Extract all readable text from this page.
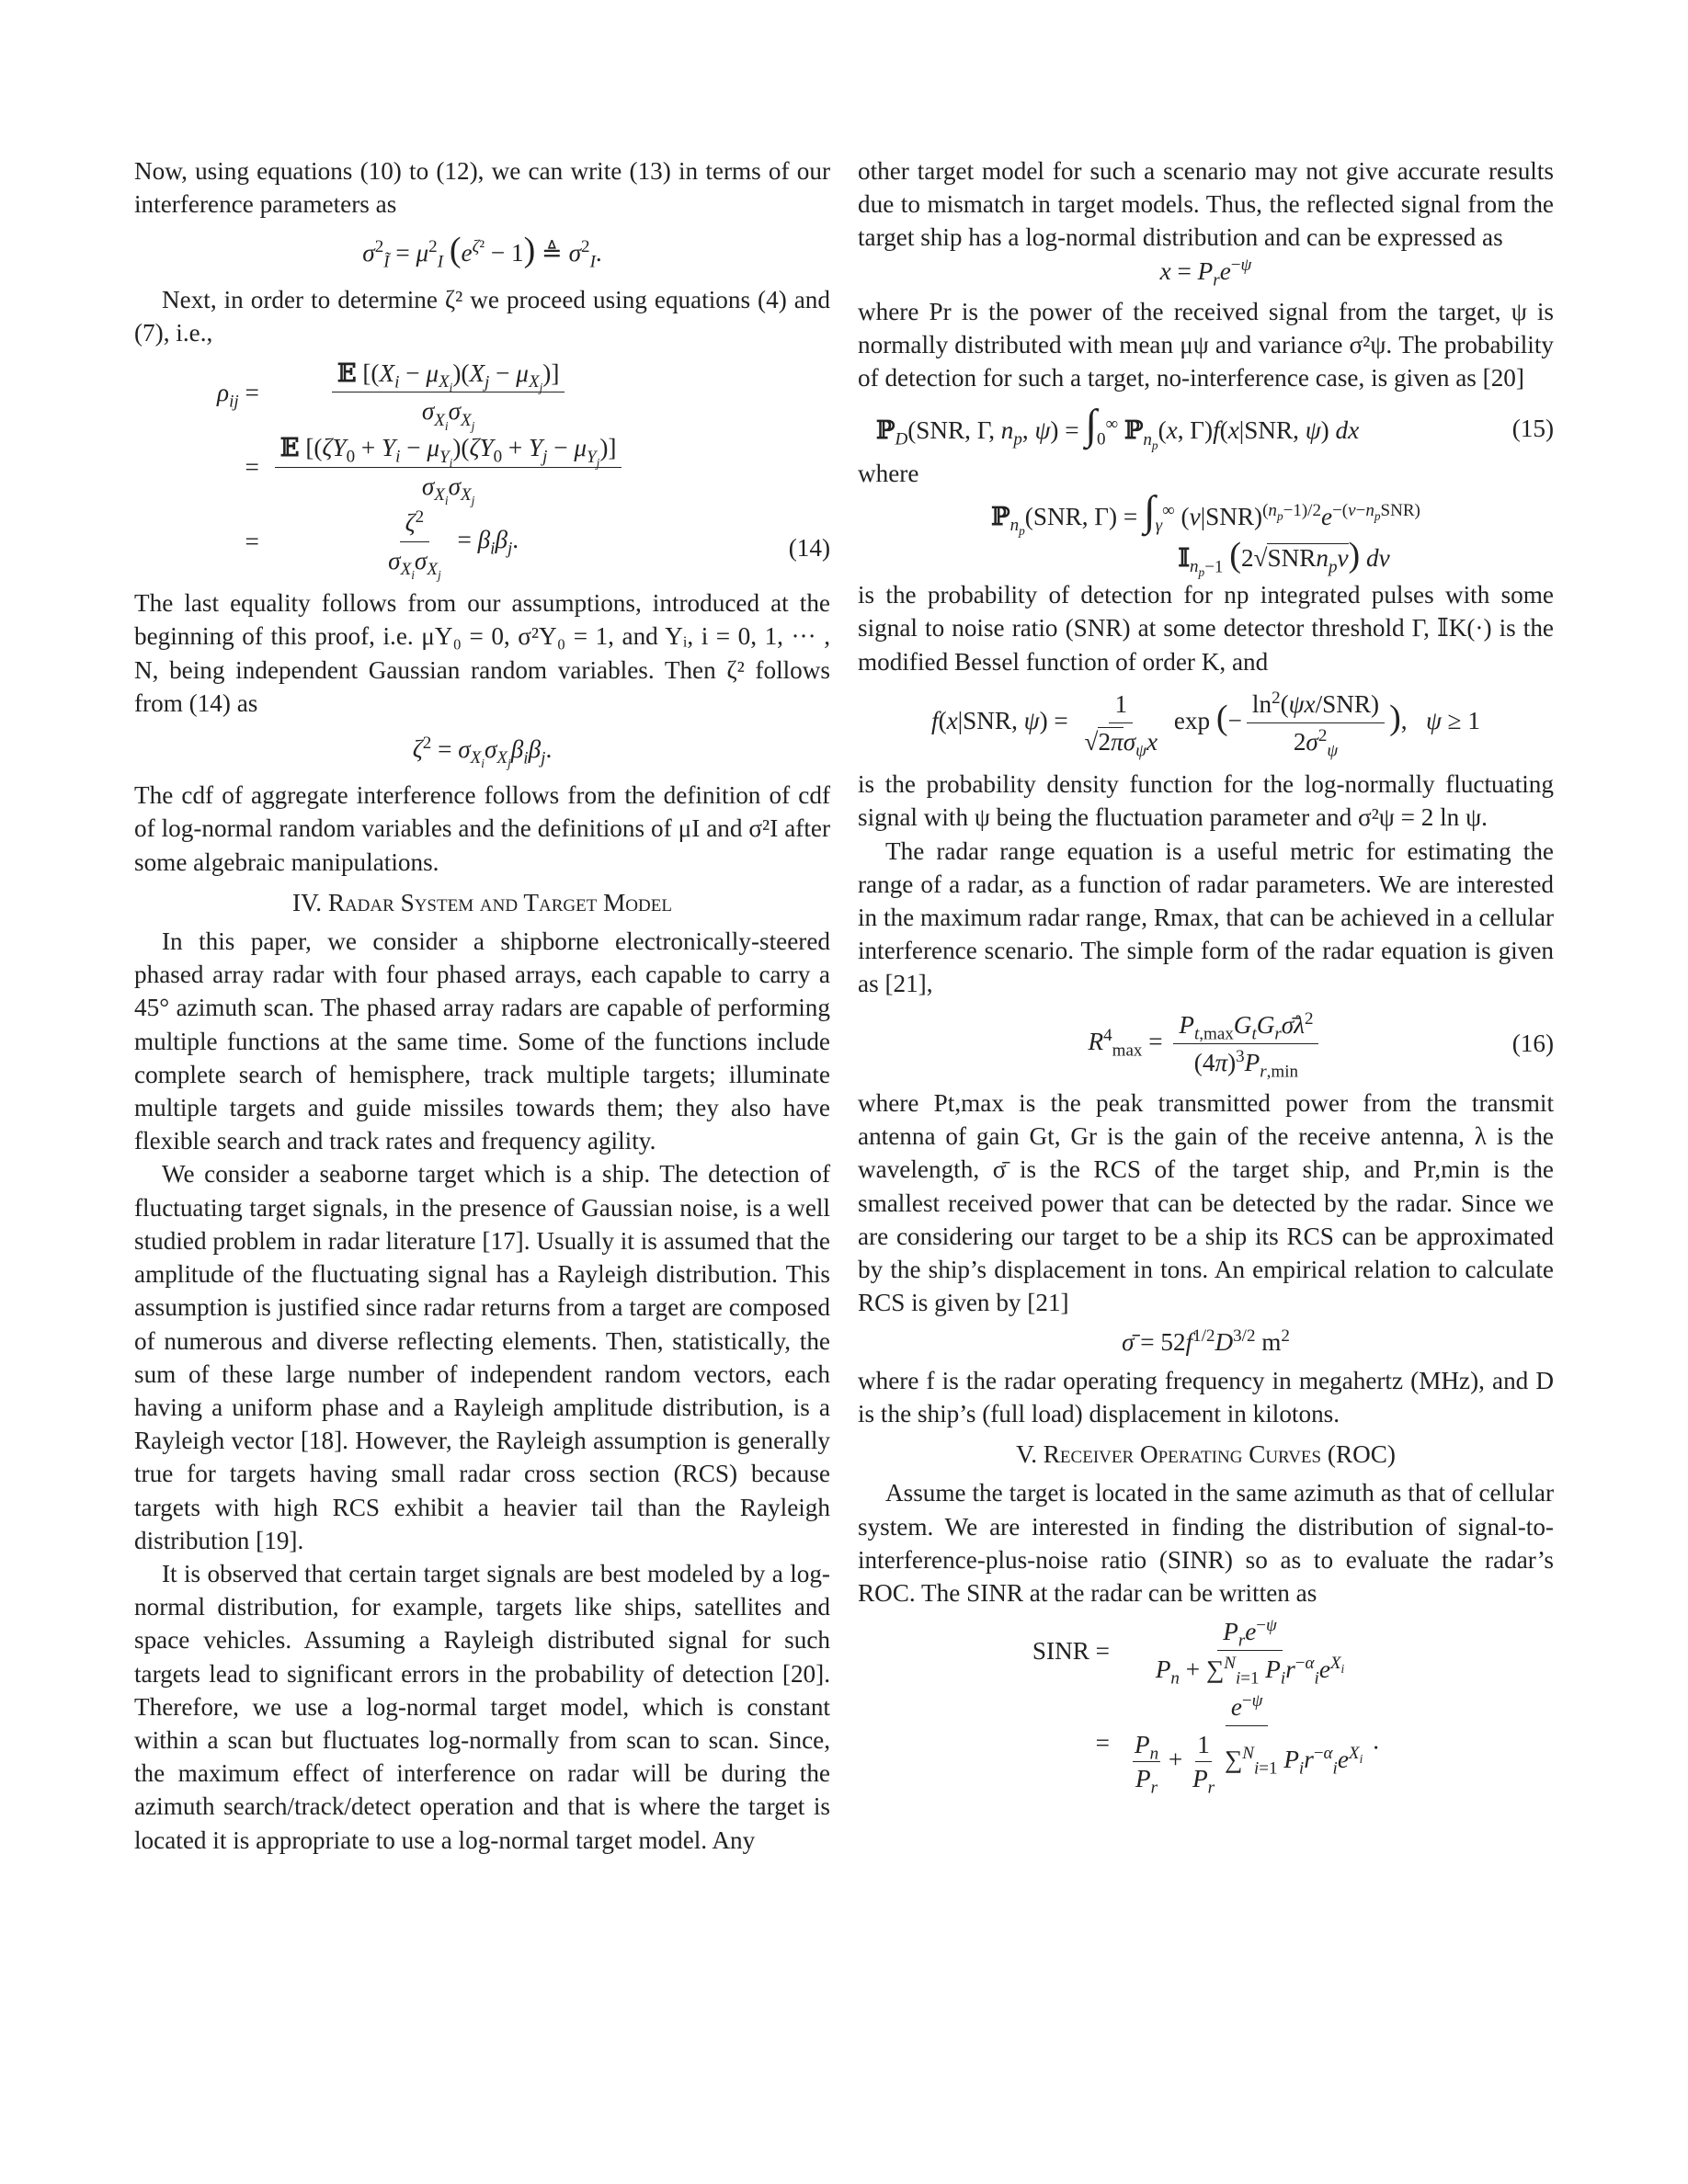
Now, using equations (10) to (12), we can write (13) in terms of our interference parameters as

$\sigma^2_Ĩ = \mu^2_I$ $(e^{\zeta^2} - 1)$ ≜ $\sigma^2_I$.

Next, in order to determine ζ² we proceed using equations (4) and (7), i.e.,

$\rho_{ij} = \frac{𝔼 [(X_i - \mu_{X_i})(X_j - \mu_{X_j})]}{\sigma_{X_i}\sigma_{X_j}}$
= $\frac{𝔼 [(\zeta Y_0 + Y_i - \mu_{Y_i})(\zeta Y_0 + Y_j - \mu_{Y_j})]}{\sigma_{X_i}\sigma_{X_j}}$
=	$\frac{\zeta^2}{\sigma_{X_i}\sigma_{X_j}} = \beta_i\beta_j$.	(14)

The last equality follows from our assumptions, introduced at the beginning of this proof, i.e. μY₀ = 0, σ²Y₀ = 1, and Yᵢ, i = 0, 1, ··· , N, being independent Gaussian random variables. Then ζ² follows from (14) as

$\zeta^2 = \sigma_{X_i}\sigma_{X_j}\beta_i\beta_j$.

The cdf of aggregate interference follows from the definition of cdf of log-normal random variables and the definitions of μI and σ²I after some algebraic manipulations.

IV. Radar System and Target Model

In this paper, we consider a shipborne electronically-steered phased array radar with four phased arrays, each capable to carry a 45° azimuth scan. The phased array radars are capable of performing multiple functions at the same time. Some of the functions include complete search of hemisphere, track multiple targets; illuminate multiple targets and guide missiles towards them; they also have flexible search and track rates and frequency agility.

We consider a seaborne target which is a ship. The detection of fluctuating target signals, in the presence of Gaussian noise, is a well studied problem in radar literature [17]. Usually it is assumed that the amplitude of the fluctuating signal has a Rayleigh distribution. This assumption is justified since radar returns from a target are composed of numerous and diverse reflecting elements. Then, statistically, the sum of these large number of independent random vectors, each having a uniform phase and a Rayleigh amplitude distribution, is a Rayleigh vector [18]. However, the Rayleigh assumption is generally true for targets having small radar cross section (RCS) because targets with high RCS exhibit a heavier tail than the Rayleigh distribution [19].

It is observed that certain target signals are best modeled by a log-normal distribution, for example, targets like ships, satellites and space vehicles. Assuming a Rayleigh distributed signal for such targets lead to significant errors in the probability of detection [20]. Therefore, we use a log-normal target model, which is constant within a scan but fluctuates log-normally from scan to scan. Since, the maximum effect of interference on radar will be during the azimuth search/track/detect operation and that is where the target is located it is appropriate to use a log-normal target model. Any

other target model for such a scenario may not give accurate results due to mismatch in target models. Thus, the reflected signal from the target ship has a log-normal distribution and can be expressed as

$x = P_re^{-\psi}$

where Pr is the power of the received signal from the target, ψ is normally distributed with mean μψ and variance σ²ψ. The probability of detection for such a target, no-interference case, is given as [20]

ℙ$_D$(SNR, Γ, $n_p$, $\psi) = \int_0^\infty$ ℙ$_{n_p}$(x, Γ)f(x|SNR, ψ) dx	(15)

where

ℙ$_{n_p}$(SNR, $\Gamma) = \int_\gamma^\infty$ $(v|SNR)^{(n_p-1)/2}e^{-(v-n_pSNR)}$
𝕀$_{n_p-1}$ (2√SNRn$_p$v) dv

is the probability of detection for np integrated pulses with some signal to noise ratio (SNR) at some detector threshold Γ, 𝕀K(·) is the modified Bessel function of order K, and

f(x|SNR, $\psi) = \frac{1}{√2\pi\sigma_\psi x}$ exp (− $\frac{\ln^2(\psi x/SNR)}{2\sigma^2_\psi}$ ),   ψ ≥ 1

is the probability density function for the log-normally fluctuating signal with ψ being the fluctuation parameter and σ²ψ = 2 ln ψ.

The radar range equation is a useful metric for estimating the range of a radar, as a function of radar parameters. We are interested in the maximum radar range, Rmax, that can be achieved in a cellular interference scenario. The simple form of the radar equation is given as [21],

$R^4_{max} = \frac{P_{t,max}G_tG_r\sigmā\lambda^2}{(4\pi)^3P_{r,min}}$	(16)

where Pt,max is the peak transmitted power from the transmit antenna of gain Gt, Gr is the gain of the receive antenna, λ is the wavelength, σ̄ is the RCS of the target ship, and Pr,min is the smallest received power that can be detected by the radar. Since we are considering our target to be a ship its RCS can be approximated by the ship’s displacement in tons. An empirical relation to calculate RCS is given by [21]

σ̄ = $52f^{1/2}D^{3/2}$ $m^2$

where f is the radar operating frequency in megahertz (MHz), and D is the ship’s (full load) displacement in kilotons.

V. Receiver Operating Curves (ROC)

Assume the target is located in the same azimuth as that of cellular system. We are interested in finding the distribution of signal-to-interference-plus-noise ratio (SINR) so as to evaluate the radar’s ROC. The SINR at the radar can be written as

SINR = $\frac{P_re^{-\psi}}{P_n + \sum^N_{i=1} P_ir^{-\alpha}_ie^{X_i}}$
= $\frac{e^{-\psi}}{\frac{P_n}{P_r} + \frac{1}{P_r} \sum^N_{i=1} P_ir^{-\alpha}_ie^{X_i}}$ .
